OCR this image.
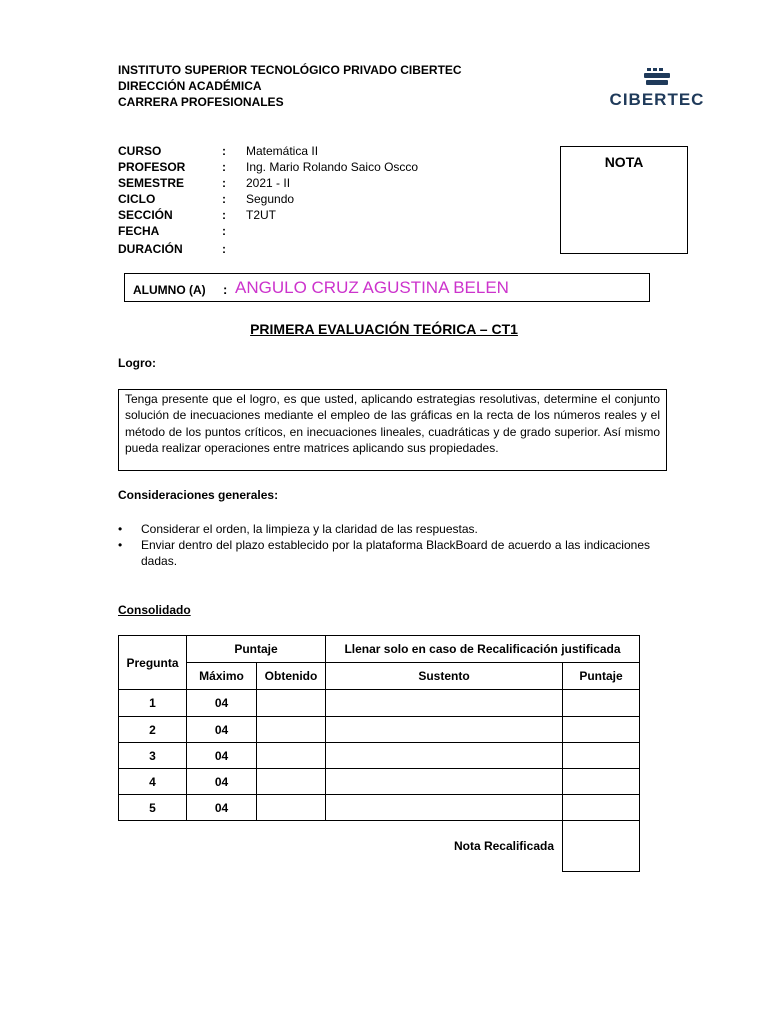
INSTITUTO SUPERIOR TECNOLÓGICO PRIVADO CIBERTEC
DIRECCIÓN ACADÉMICA
CARRERA PROFESIONALES	CIBERTEC
CURSO	: Matemática II
PROFESOR	: Ing. Mario Rolando Saico Oscco
SEMESTRE	: 2021 - II
CICLO	: Segundo
SECCIÓN	: T2UT
FECHA	:
DURACIÓN	:
NOTA
ALUMNO (A) : ANGULO CRUZ AGUSTINA BELEN
PRIMERA EVALUACIÓN TEÓRICA – CT1
Logro:
Tenga presente que el logro, es que usted, aplicando estrategias resolutivas, determine el conjunto solución de inecuaciones mediante el empleo de las gráficas en la recta de los números reales y el método de los puntos críticos, en inecuaciones lineales, cuadráticas y de grado superior. Así mismo pueda realizar operaciones entre matrices aplicando sus propiedades.
Consideraciones generales:
• Considerar el orden, la limpieza y la claridad de las respuestas.
• Enviar dentro del plazo establecido por la plataforma BlackBoard de acuerdo a las indicaciones dadas.
Consolidado
Pregunta	Puntaje		Llenar solo en caso de Recalificación justificada	
	Máximo	Obtenido	Sustento	Puntaje
1	04			
2	04			
3	04			
4	04			
5	04			
Nota Recalificada				
